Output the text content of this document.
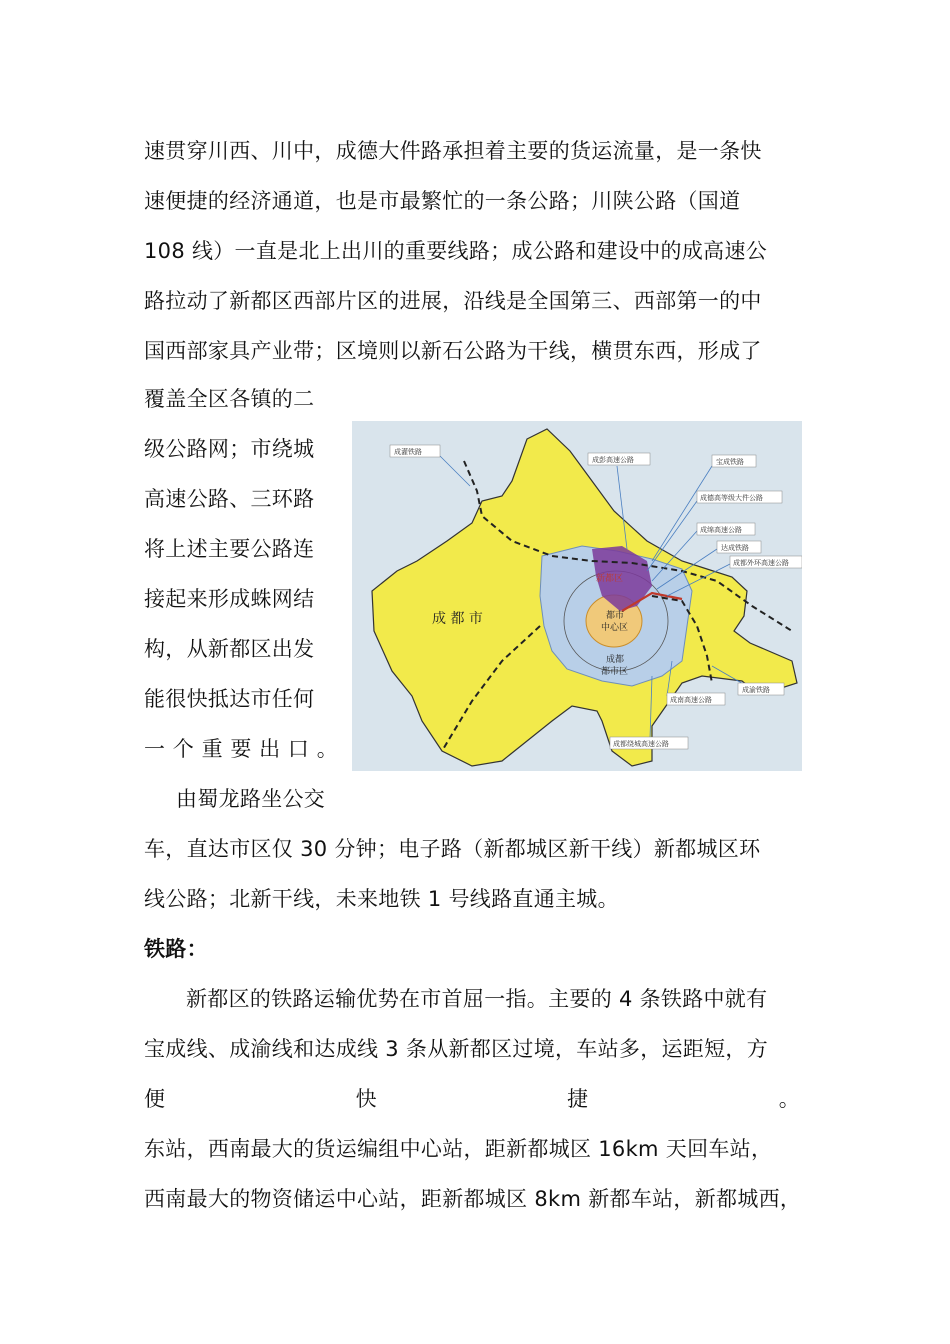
速贯穿川西、川中，成德大件路承担着主要的货运流量，是一条快
速便捷的经济通道，也是市最繁忙的一条公路；川陕公路（国道
108 线）一直是北上出川的重要线路；成公路和建设中的成高速公
路拉动了新都区西部片区的进展，沿线是全国第三、西部第一的中
国西部家具产业带；区境则以新石公路为干线，横贯东西，形成了
覆盖全区各镇的二
级公路网；市绕城
高速公路、三环路
将上述主要公路连
接起来形成蛛网结
构，从新都区出发
能很快抵达市任何
一 个 重 要 出 口 。
由蜀龙路坐公交
成灌铁路
成彭高速公路	宝成铁路
成德高等级大件公路
成绵高速公路
达成铁路
成都外环高速公路
成渝铁路
成南高速公路
成都绕城高速公路
成 都 市
新都区
都市
中心区
成都
都市区
车，直达市区仅 30 分钟；电子路（新都城区新干线）新都城区环
线公路；北新干线，未来地铁 1 号线路直通主城。
铁路：
新都区的铁路运输优势在市首屈一指。主要的 4 条铁路中就有
宝成线、成渝线和达成线 3 条从新都区过境，车站多，运距短，方
便	快	捷	。
东站，西南最大的货运编组中心站，距新都城区 16km 天回车站，
西南最大的物资储运中心站，距新都城区 8km 新都车站，新都城西，
